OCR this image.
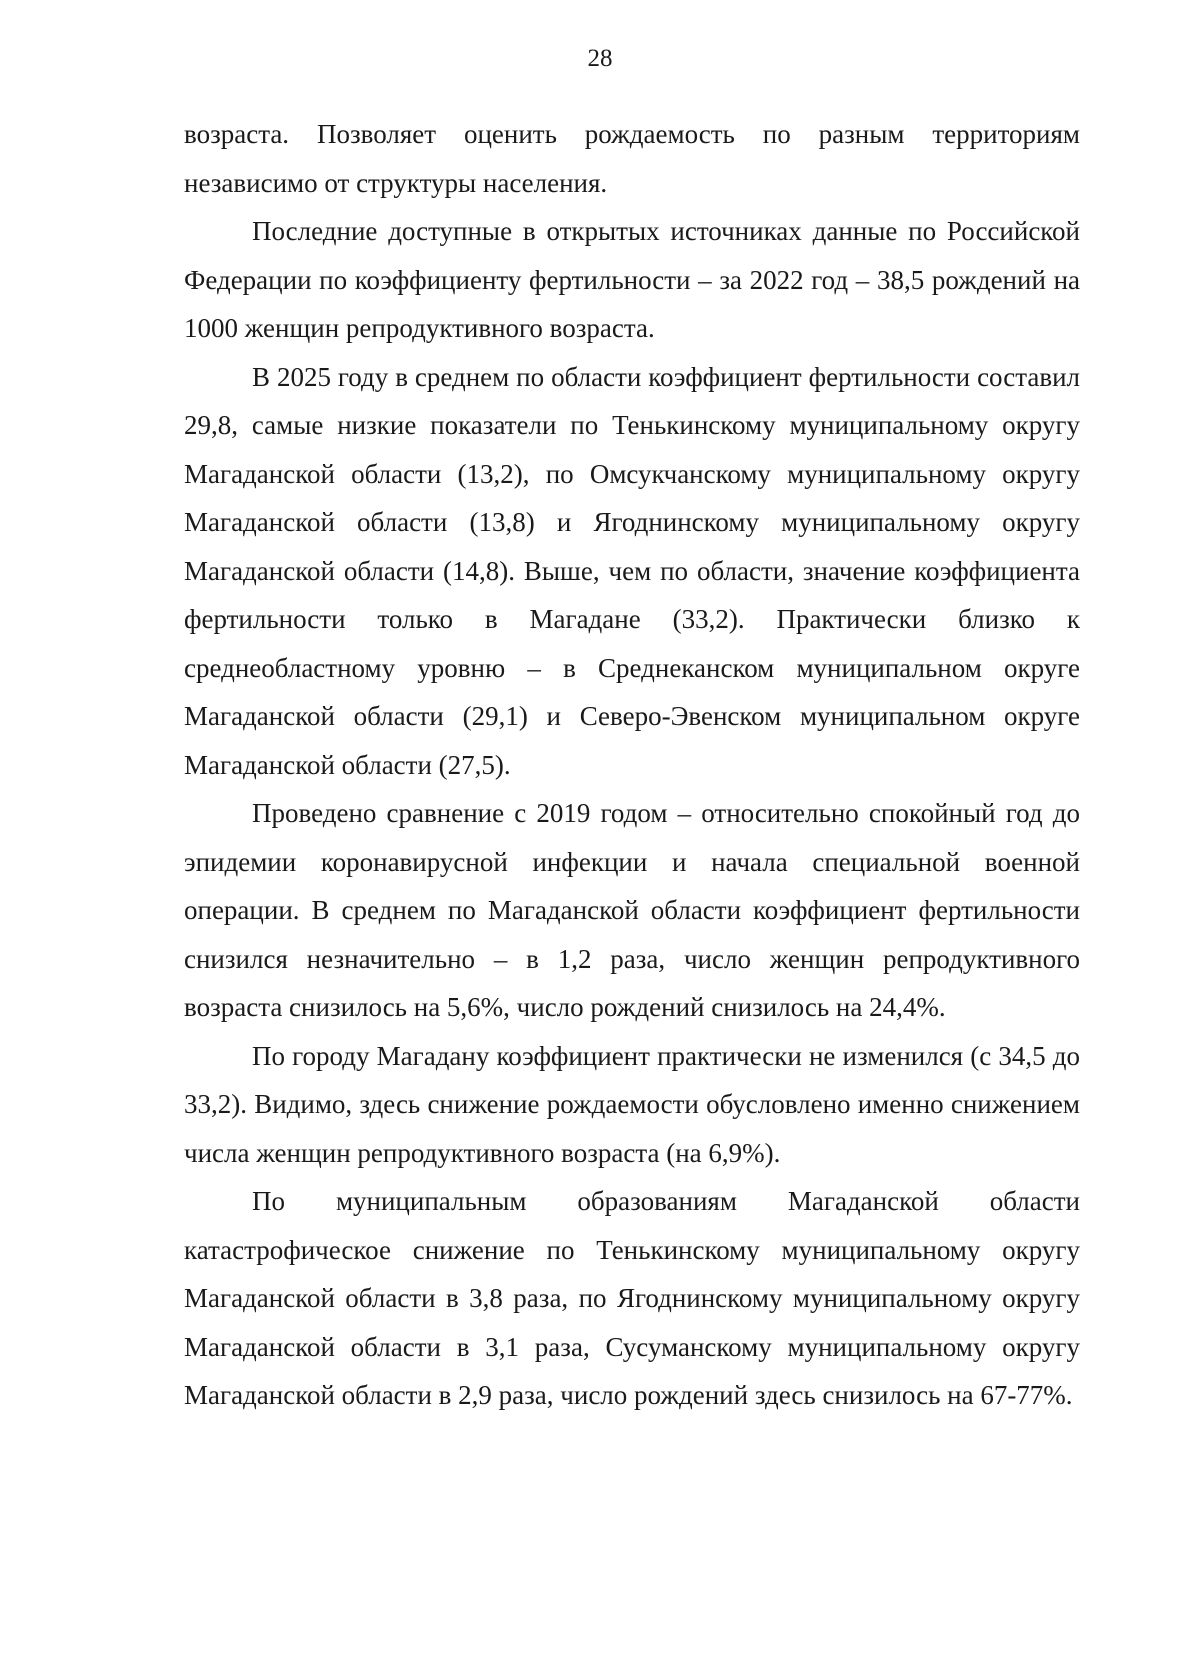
28

возраста. Позволяет оценить рождаемость по разным территориям независимо от структуры населения.

Последние доступные в открытых источниках данные по Российской Федерации по коэффициенту фертильности – за 2022 год – 38,5 рождений на 1000 женщин репродуктивного возраста.

В 2025 году в среднем по области коэффициент фертильности составил 29,8, самые низкие показатели по Тенькинскому муниципальному округу Магаданской области (13,2), по Омсукчанскому муниципальному округу Магаданской области (13,8) и Ягоднинскому муниципальному округу Магаданской области (14,8). Выше, чем по области, значение коэффициента фертильности только в Магадане (33,2). Практически близко к среднеобластному уровню – в Среднеканском муниципальном округе Магаданской области (29,1) и Северо-Эвенском муниципальном округе Магаданской области (27,5).

Проведено сравнение с 2019 годом – относительно спокойный год до эпидемии коронавирусной инфекции и начала специальной военной операции. В среднем по Магаданской области коэффициент фертильности снизился незначительно – в 1,2 раза, число женщин репродуктивного возраста снизилось на 5,6%, число рождений снизилось на 24,4%.

По городу Магадану коэффициент практически не изменился (с 34,5 до 33,2). Видимо, здесь снижение рождаемости обусловлено именно снижением числа женщин репродуктивного возраста (на 6,9%).

По муниципальным образованиям Магаданской области катастрофическое снижение по Тенькинскому муниципальному округу Магаданской области в 3,8 раза, по Ягоднинскому муниципальному округу Магаданской области в 3,1 раза, Сусуманскому муниципальному округу Магаданской области в 2,9 раза, число рождений здесь снизилось на 67-77%.
